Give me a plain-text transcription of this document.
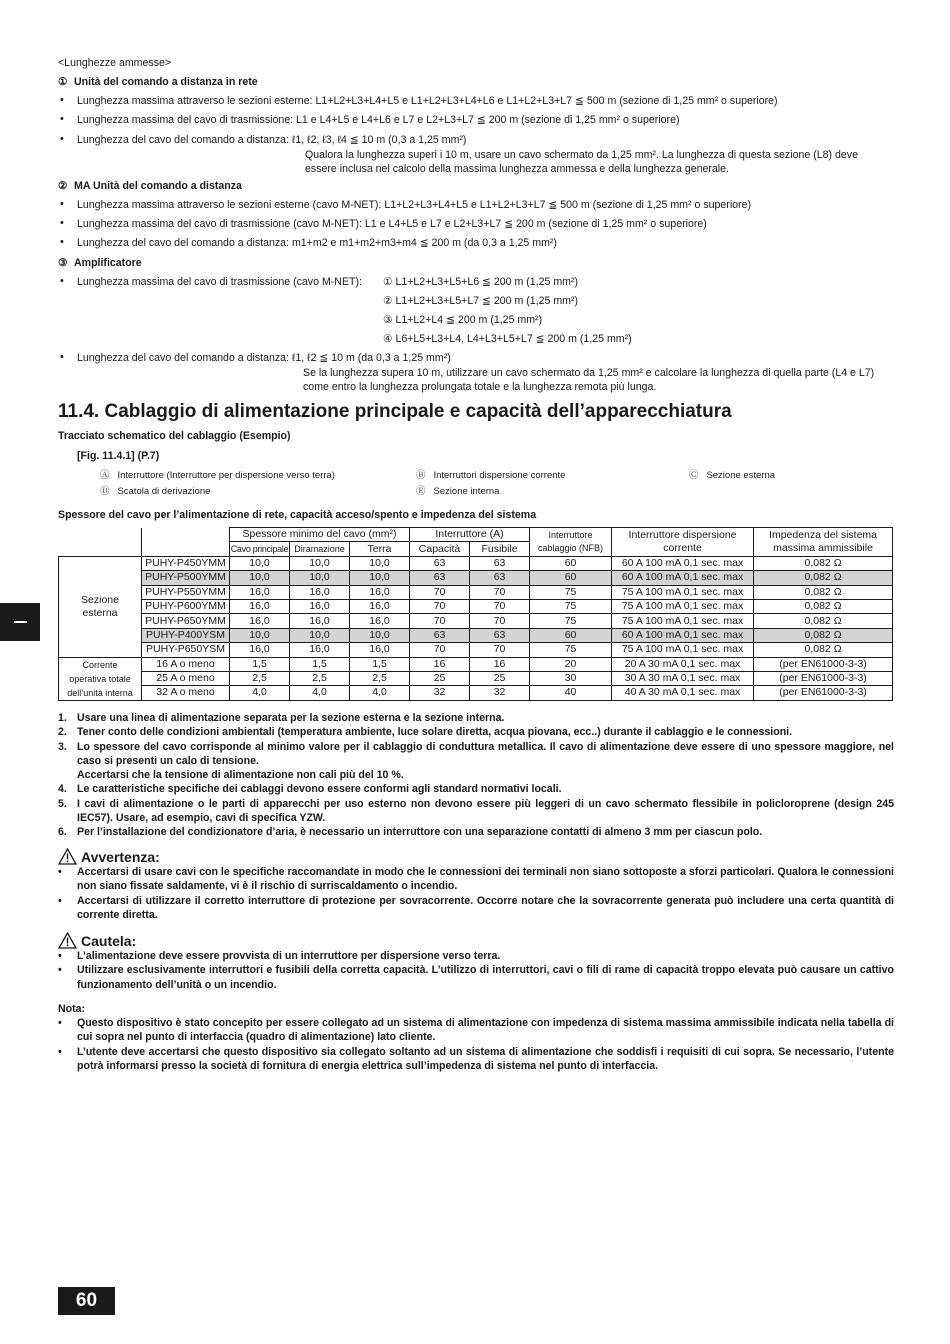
<Lunghezze ammesse>
① Unità del comando a distanza in rete
• Lunghezza massima attraverso le sezioni esterne: L1+L2+L3+L4+L5 e L1+L2+L3+L4+L6 e L1+L2+L3+L7 ≦ 500 m (sezione di 1,25 mm² o superiore)
• Lunghezza massima del cavo di trasmissione: L1 e L4+L5 e L4+L6 e L7 e L2+L3+L7 ≦ 200 m (sezione di 1,25 mm² o superiore)
• Lunghezza del cavo del comando a distanza: ℓ1, ℓ2, ℓ3, ℓ4 ≦ 10 m (0,3 a 1,25 mm²)
Qualora la lunghezza superi i 10 m, usare un cavo schermato da 1,25 mm². La lunghezza di questa sezione (L8) deve
essere inclusa nel calcolo della massima lunghezza ammessa e della lunghezza generale.
② MA Unità del comando a distanza
• Lunghezza massima attraverso le sezioni esterne (cavo M-NET): L1+L2+L3+L4+L5 e L1+L2+L3+L7 ≦ 500 m (sezione di 1,25 mm² o superiore)
• Lunghezza massima del cavo di trasmissione (cavo M-NET): L1 e L4+L5 e L7 e L2+L3+L7 ≦ 200 m (sezione di 1,25 mm² o superiore)
• Lunghezza del cavo del comando a distanza: m1+m2 e m1+m2+m3+m4 ≦ 200 m (da 0,3 a 1,25 mm²)
③ Amplificatore
• Lunghezza massima del cavo di trasmissione (cavo M-NET): ① L1+L2+L3+L5+L6 ≦ 200 m (1,25 mm²)
② L1+L2+L3+L5+L7 ≦ 200 m (1,25 mm²)
③ L1+L2+L4 ≦ 200 m (1,25 mm²)
④ L6+L5+L3+L4, L4+L3+L5+L7 ≦ 200 m (1,25 mm²)
• Lunghezza del cavo del comando a distanza: ℓ1, ℓ2 ≦ 10 m (da 0,3 a 1,25 mm²)
Se la lunghezza supera 10 m, utilizzare un cavo schermato da 1,25 mm² e calcolare la lunghezza di quella parte (L4 e L7)
come entro la lunghezza prolungata totale e la lunghezza remota più lunga.
11.4. Cablaggio di alimentazione principale e capacità dell’apparecchiatura
Tracciato schematico del cablaggio (Esempio)
[Fig. 11.4.1] (P.7)
Ⓐ Interruttore (Interruttore per dispersione verso terra)	Ⓑ Interruttori dispersione corrente	Ⓒ Sezione esterna
Ⓓ Scatola di derivazione	Ⓔ Sezione interna
Spessore del cavo per l’alimentazione di rete, capacità acceso/spento e impedenza del sistema
		Spessore minimo del cavo (mm²)			Interruttore (A)		Interruttore
cablaggio (NFB)	Interruttore dispersione
corrente	Impedenza del sistema
massima ammissibile
		Cavo principale	Diramazione	Terra	Capacità	Fusibile			
Sezione esterna	PUHY-P450YMM	10,0	10,0	10,0	63	63	60	60 A 100 mA 0,1 sec. max	0,082 Ω
	PUHY-P500YMM	10,0	10,0	10,0	63	63	60	60 A 100 mA 0,1 sec. max	0,082 Ω
	PUHY-P550YMM	16,0	16,0	16,0	70	70	75	75 A 100 mA 0,1 sec. max	0,082 Ω
	PUHY-P600YMM	16,0	16,0	16,0	70	70	75	75 A 100 mA 0,1 sec. max	0,082 Ω
	PUHY-P650YMM	16,0	16,0	16,0	70	70	75	75 A 100 mA 0,1 sec. max	0,082 Ω
	PUHY-P400YSM	10,0	10,0	10,0	63	63	60	60 A 100 mA 0,1 sec. max	0,082 Ω
	PUHY-P650YSM	16,0	16,0	16,0	70	70	75	75 A 100 mA 0,1 sec. max	0,082 Ω
Corrente
operativa totale
dell’unità interna	16 A o meno	1,5	1,5	1,5	16	16	20	20 A 30 mA 0,1 sec. max	(per EN61000-3-3)
	25 A o meno	2,5	2,5	2,5	25	25	30	30 A 30 mA 0,1 sec. max	(per EN61000-3-3)
	32 A o meno	4,0	4,0	4,0	32	32	40	40 A 30 mA 0,1 sec. max	(per EN61000-3-3)
1. Usare una linea di alimentazione separata per la sezione esterna e la sezione interna.
2. Tener conto delle condizioni ambientali (temperatura ambiente, luce solare diretta, acqua piovana, ecc..) durante il cablaggio e le connessioni.
3. Lo spessore del cavo corrisponde al minimo valore per il cablaggio di conduttura metallica. Il cavo di alimentazione deve essere di uno spessore maggiore, nel caso si presenti un calo di tensione.
Accertarsi che la tensione di alimentazione non cali più del 10 %.
4. Le caratteristiche specifiche dei cablaggi devono essere conformi agli standard normativi locali.
5. I cavi di alimentazione o le parti di apparecchi per uso esterno non devono essere più leggeri di un cavo schermato flessibile in policloroprene (design 245 IEC57). Usare, ad esempio, cavi di specifica YZW.
6. Per l’installazione del condizionatore d’aria, è necessario un interruttore con una separazione contatti di almeno 3 mm per ciascun polo.
Avvertenza:
•	Accertarsi di usare cavi con le specifiche raccomandate in modo che le connessioni dei terminali non siano sottoposte a sforzi particolari. Qualora le connessioni non siano fissate saldamente, vi è il rischio di surriscaldamento o incendio.
•	Accertarsi di utilizzare il corretto interruttore di protezione per sovracorrente. Occorre notare che la sovracorrente generata può includere una certa quantità di corrente diretta.
Cautela:
•	L’alimentazione deve essere provvista di un interruttore per dispersione verso terra.
•	Utilizzare esclusivamente interruttori e fusibili della corretta capacità. L’utilizzo di interruttori, cavi o fili di rame di capacità troppo elevata può causare un cattivo funzionamento dell’unità o un incendio.
Nota:
•	Questo dispositivo è stato concepito per essere collegato ad un sistema di alimentazione con impedenza di sistema massima ammissibile indicata nella tabella di cui sopra nel punto di interfaccia (quadro di alimentazione) lato cliente.
•	L’utente deve accertarsi che questo dispositivo sia collegato soltanto ad un sistema di alimentazione che soddisfi i requisiti di cui sopra. Se necessario, l’utente potrà informarsi presso la società di fornitura di energia elettrica sull’impedenza di sistema nel punto di interfaccia.
60
